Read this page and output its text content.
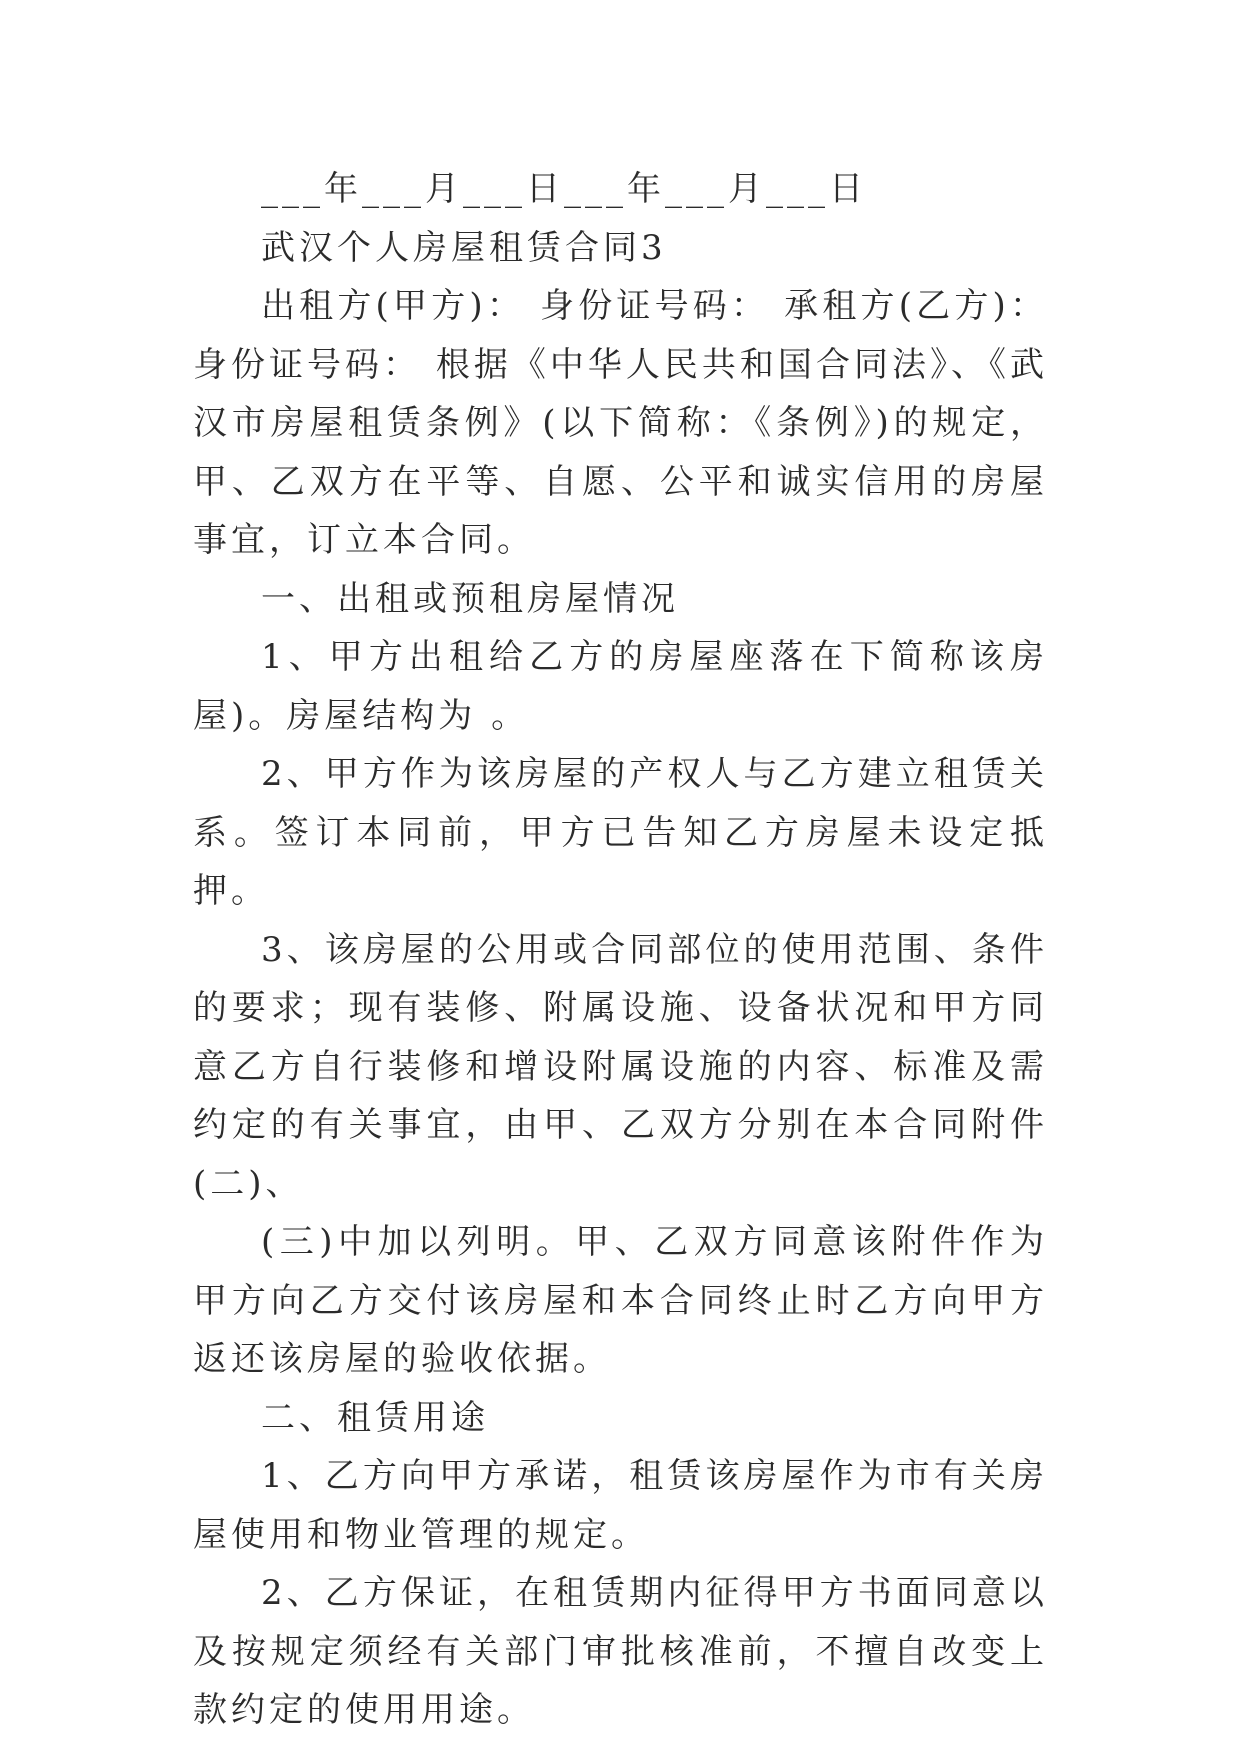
___年___月___日___年___月___日

武汉个人房屋租赁合同3

出租方(甲方)： 身份证号码： 承租方(乙方)： 身份证号码： 根据《中华人民共和国合同法》、《武汉市房屋租赁条例》(以下简称：《条例》)的规定，甲、乙双方在平等、自愿、公平和诚实信用的房屋事宜，订立本合同。

一、出租或预租房屋情况

1、甲方出租给乙方的房屋座落在下简称该房屋)。房屋结构为 。

2、甲方作为该房屋的产权人与乙方建立租赁关系。签订本同前，甲方已告知乙方房屋未设定抵押。

3、该房屋的公用或合同部位的使用范围、条件的要求；现有装修、附属设施、设备状况和甲方同意乙方自行装修和增设附属设施的内容、标准及需约定的有关事宜，由甲、乙双方分别在本合同附件(二)、

(三)中加以列明。甲、乙双方同意该附件作为甲方向乙方交付该房屋和本合同终止时乙方向甲方返还该房屋的验收依据。

二、租赁用途

1、乙方向甲方承诺，租赁该房屋作为市有关房屋使用和物业管理的规定。

2、乙方保证，在租赁期内征得甲方书面同意以及按规定须经有关部门审批核准前，不擅自改变上款约定的使用用途。
